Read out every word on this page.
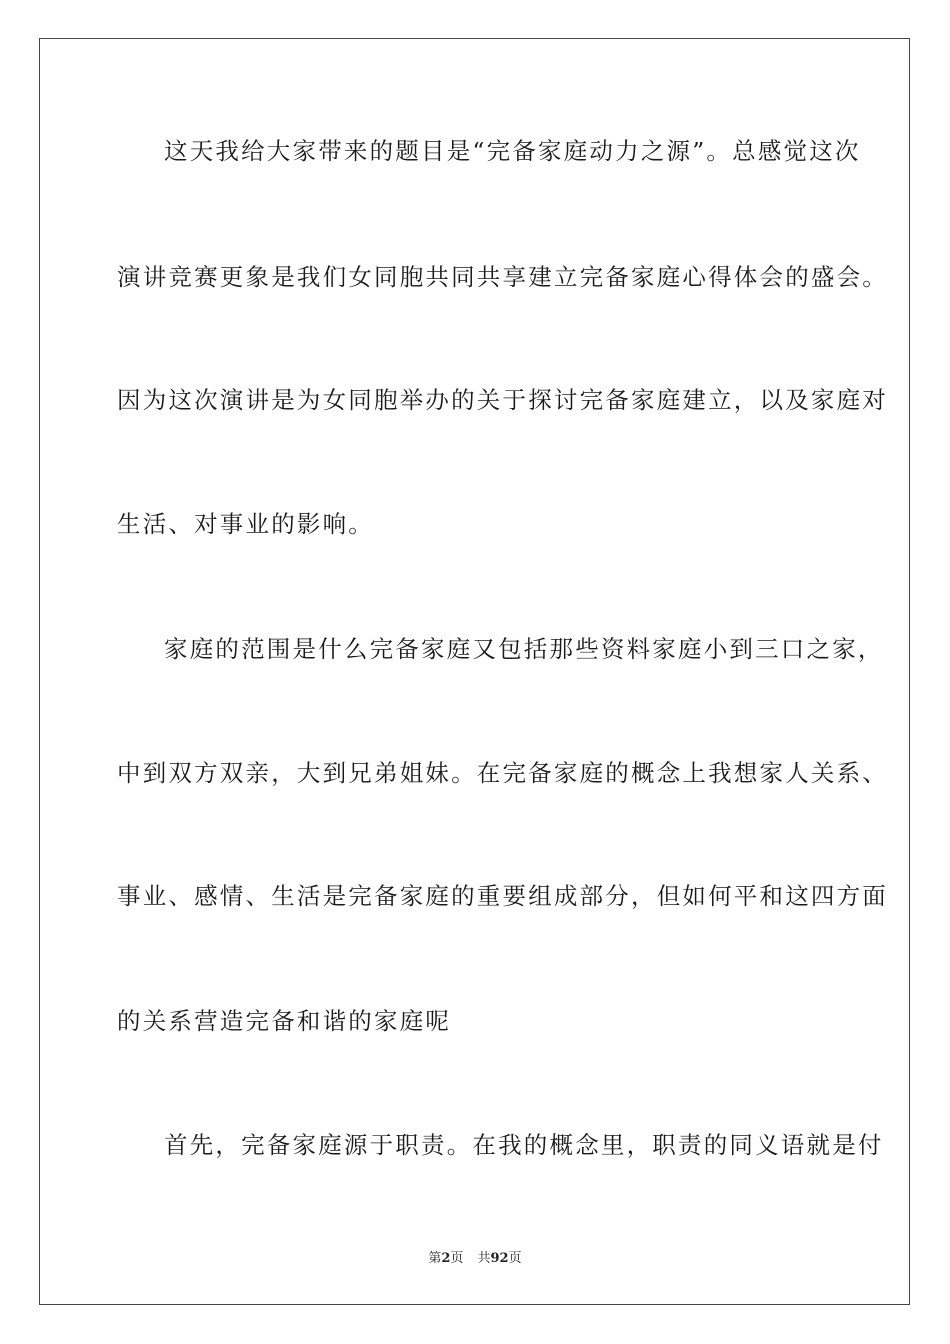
这天我给大家带来的题目是“完备家庭动力之源”。总感觉这次
演讲竞赛更象是我们女同胞共同共享建立完备家庭心得体会的盛会。
因为这次演讲是为女同胞举办的关于探讨完备家庭建立，以及家庭对
生活、对事业的影响。
家庭的范围是什么完备家庭又包括那些资料家庭小到三口之家，
中到双方双亲，大到兄弟姐妹。在完备家庭的概念上我想家人关系、
事业、感情、生活是完备家庭的重要组成部分，但如何平和这四方面
的关系营造完备和谐的家庭呢
首先，完备家庭源于职责。在我的概念里，职责的同义语就是付
第2页 共92页
